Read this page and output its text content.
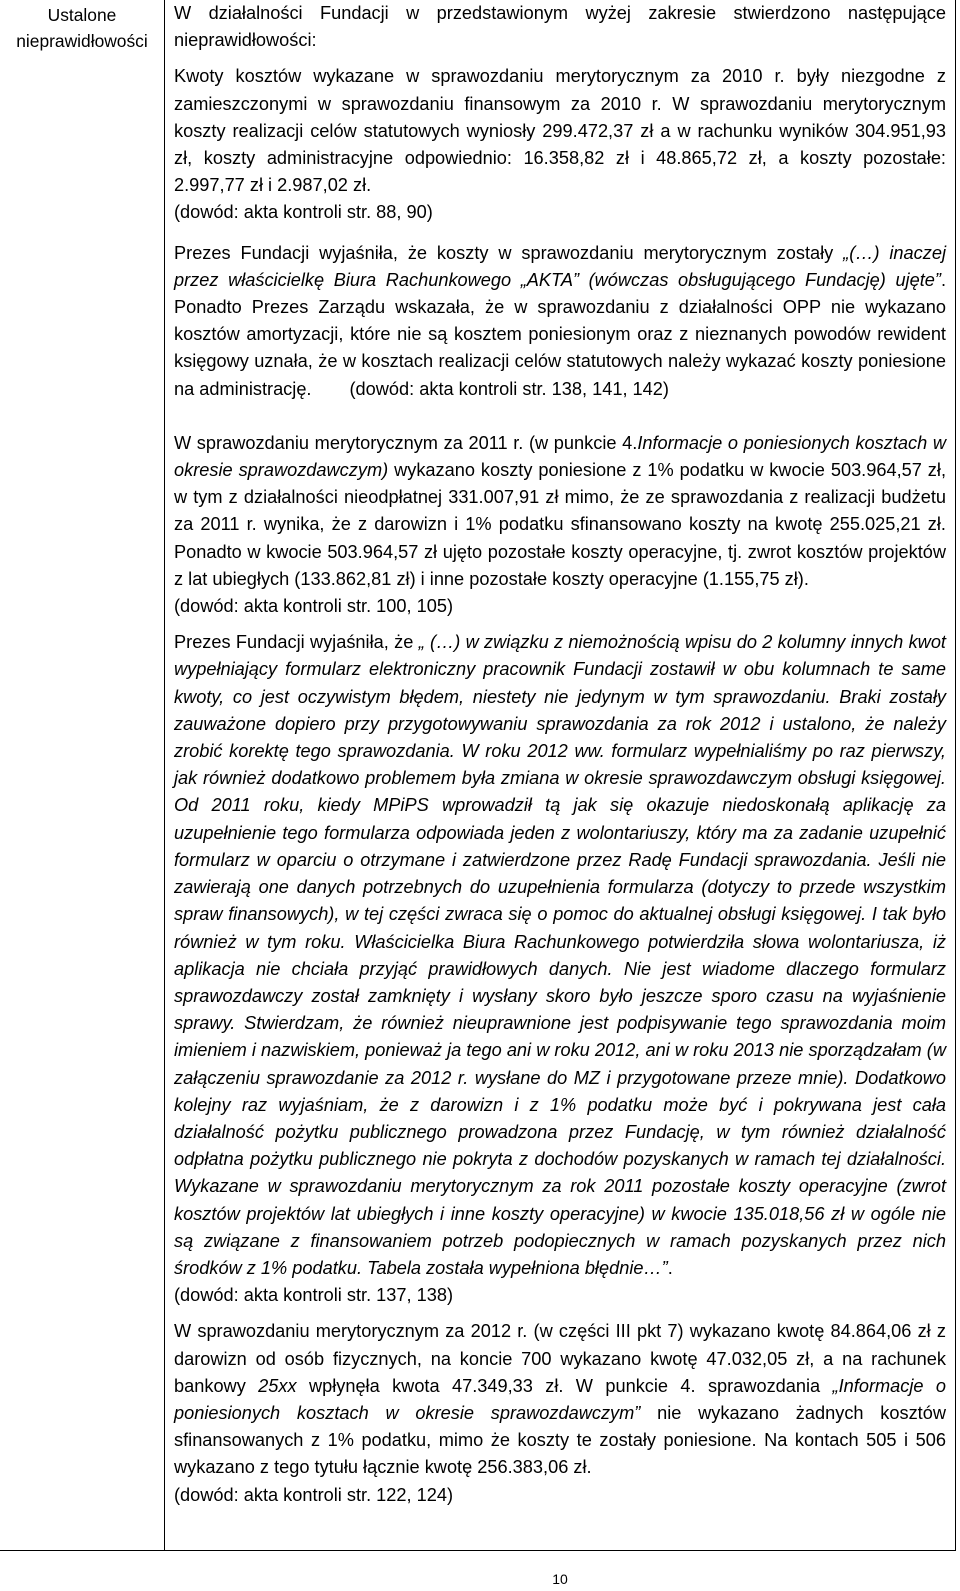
Ustalone nieprawidłowości

W działalności Fundacji w przedstawionym wyżej zakresie stwierdzono następujące nieprawidłowości:

Kwoty kosztów wykazane w sprawozdaniu merytorycznym za 2010 r. były niezgodne z zamieszczonymi w sprawozdaniu finansowym za 2010 r. W sprawozdaniu merytorycznym koszty realizacji celów statutowych wyniosły 299.472,37 zł a w rachunku wyników 304.951,93 zł, koszty administracyjne odpowiednio: 16.358,82 zł i 48.865,72 zł, a koszty pozostałe: 2.997,77 zł i 2.987,02 zł.

(dowód: akta kontroli str. 88, 90)

Prezes Fundacji wyjaśniła, że koszty w sprawozdaniu merytorycznym zostały „(…) inaczej przez właścicielkę Biura Rachunkowego „AKTA” (wówczas obsługującego Fundację) ujęte”. Ponadto Prezes Zarządu wskazała, że w sprawozdaniu z działalności OPP nie wykazano kosztów amortyzacji, które nie są kosztem poniesionym oraz z nieznanych powodów rewident księgowy uznała, że w kosztach realizacji celów statutowych należy wykazać koszty poniesione na administrację. (dowód: akta kontroli str. 138, 141, 142)

W sprawozdaniu merytorycznym za 2011 r. (w punkcie 4.Informacje o poniesionych kosztach w okresie sprawozdawczym) wykazano koszty poniesione z 1% podatku w kwocie 503.964,57 zł, w tym z działalności nieodpłatnej 331.007,91 zł mimo, że ze sprawozdania z realizacji budżetu za 2011 r. wynika, że z darowizn i 1% podatku sfinansowano koszty na kwotę 255.025,21 zł. Ponadto w kwocie 503.964,57 zł ujęto pozostałe koszty operacyjne, tj. zwrot kosztów projektów z lat ubiegłych (133.862,81 zł) i inne pozostałe koszty operacyjne (1.155,75 zł).

(dowód: akta kontroli str. 100, 105)

Prezes Fundacji wyjaśniła, że „ (…) w związku z niemożnością wpisu do 2 kolumny innych kwot wypełniający formularz elektroniczny pracownik Fundacji zostawił w obu kolumnach te same kwoty, co jest oczywistym błędem, niestety nie jedynym w tym sprawozdaniu. Braki zostały zauważone dopiero przy przygotowywaniu sprawozdania za rok 2012 i ustalono, że należy zrobić korektę tego sprawozdania. W roku 2012 ww. formularz wypełnialiśmy po raz pierwszy, jak również dodatkowo problemem była zmiana w okresie sprawozdawczym obsługi księgowej. Od 2011 roku, kiedy MPiPS wprowadził tą jak się okazuje niedoskonałą aplikację za uzupełnienie tego formularza odpowiada jeden z wolontariuszy, który ma za zadanie uzupełnić formularz w oparciu o otrzymane i zatwierdzone przez Radę Fundacji sprawozdania. Jeśli nie zawierają one danych potrzebnych do uzupełnienia formularza (dotyczy to przede wszystkim spraw finansowych), w tej części zwraca się o pomoc do aktualnej obsługi księgowej. I tak było również w tym roku. Właścicielka Biura Rachunkowego potwierdziła słowa wolontariusza, iż aplikacja nie chciała przyjąć prawidłowych danych. Nie jest wiadome dlaczego formularz sprawozdawczy został zamknięty i wysłany skoro było jeszcze sporo czasu na wyjaśnienie sprawy. Stwierdzam, że również nieuprawnione jest podpisywanie tego sprawozdania moim imieniem i nazwiskiem, ponieważ ja tego ani w roku 2012, ani w roku 2013 nie sporządzałam (w załączeniu sprawozdanie za 2012 r. wysłane do MZ i przygotowane przeze mnie). Dodatkowo kolejny raz wyjaśniam, że z darowizn i z 1% podatku może być i pokrywana jest cała działalność pożytku publicznego prowadzona przez Fundację, w tym również działalność odpłatna pożytku publicznego nie pokryta z dochodów pozyskanych w ramach tej działalności. Wykazane w sprawozdaniu merytorycznym za rok 2011 pozostałe koszty operacyjne (zwrot kosztów projektów lat ubiegłych i inne koszty operacyjne) w kwocie 135.018,56 zł w ogóle nie są związane z finansowaniem potrzeb podopiecznych w ramach pozyskanych przez nich środków z 1% podatku. Tabela została wypełniona błędnie…”.

(dowód: akta kontroli str. 137, 138)

W sprawozdaniu merytorycznym za 2012 r. (w części III pkt 7) wykazano kwotę 84.864,06 zł z darowizn od osób fizycznych, na koncie 700 wykazano kwotę 47.032,05 zł, a na rachunek bankowy 25xx wpłynęła kwota 47.349,33 zł. W punkcie 4. sprawozdania „Informacje o poniesionych kosztach w okresie sprawozdawczym” nie wykazano żadnych kosztów sfinansowanych z 1% podatku, mimo że koszty te zostały poniesione. Na kontach 505 i 506 wykazano z tego tytułu łącznie kwotę 256.383,06 zł.

(dowód: akta kontroli str. 122, 124)

10
